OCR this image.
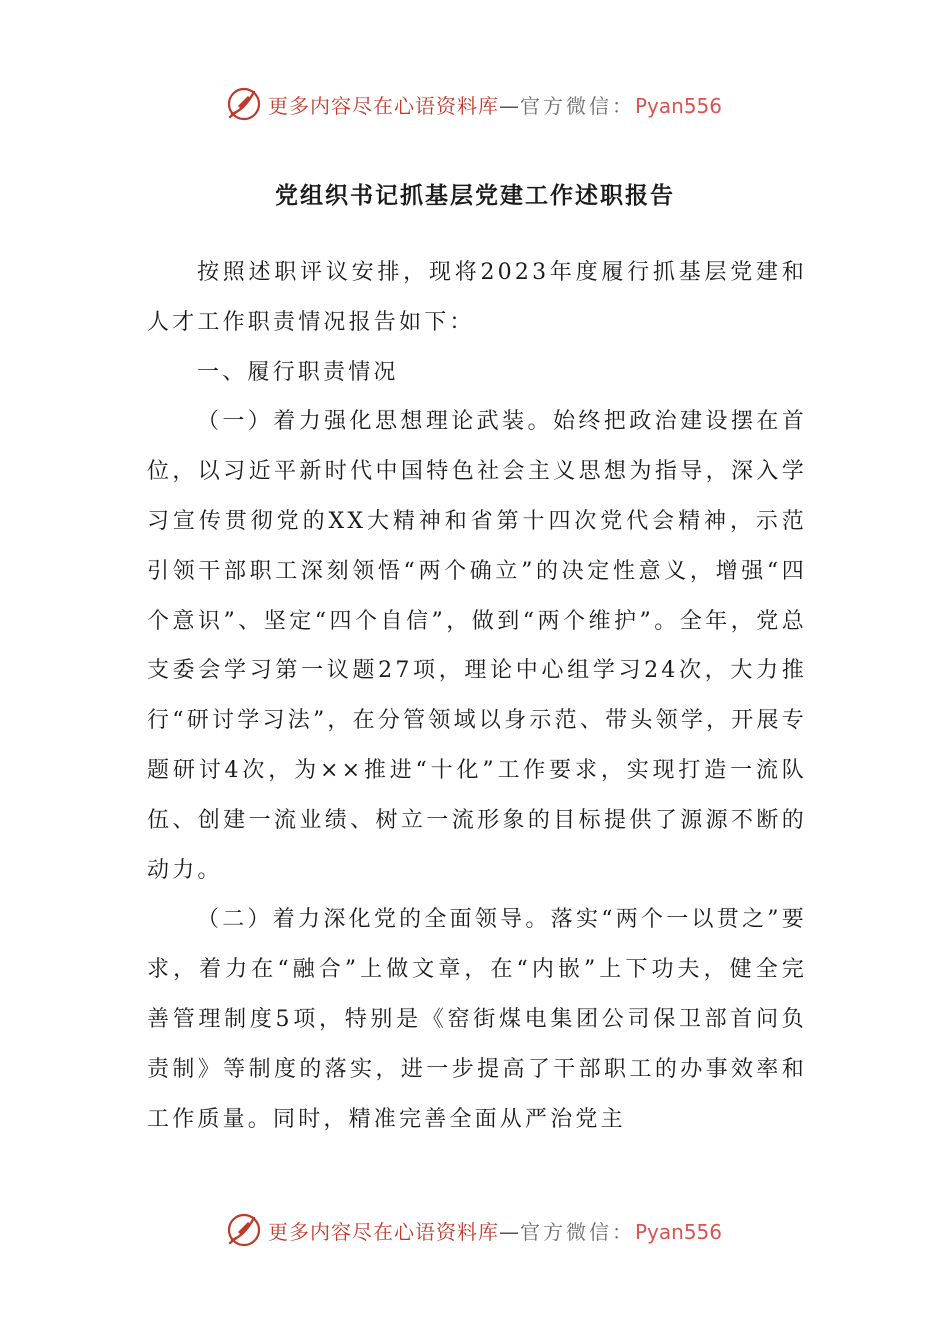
更多内容尽在心语资料库—官方微信：Pyan556
党组织书记抓基层党建工作述职报告

按照述职评议安排，现将2023年度履行抓基层党建和人才工作职责情况报告如下：

一、履行职责情况

（一）着力强化思想理论武装。始终把政治建设摆在首位，以习近平新时代中国特色社会主义思想为指导，深入学习宣传贯彻党的XX大精神和省第十四次党代会精神，示范引领干部职工深刻领悟“两个确立”的决定性意义，增强“四个意识”、坚定“四个自信”，做到“两个维护”。全年，党总支委会学习第一议题27项，理论中心组学习24次，大力推行“研讨学习法”，在分管领域以身示范、带头领学，开展专题研讨4次，为××推进“十化”工作要求，实现打造一流队伍、创建一流业绩、树立一流形象的目标提供了源源不断的动力。

（二）着力深化党的全面领导。落实“两个一以贯之”要求，着力在“融合”上做文章，在“内嵌”上下功夫，健全完善管理制度5项，特别是《窑街煤电集团公司保卫部首问负责制》等制度的落实，进一步提高了干部职工的办事效率和工作质量。同时，精准完善全面从严治党主

更多内容尽在心语资料库—官方微信：Pyan556
